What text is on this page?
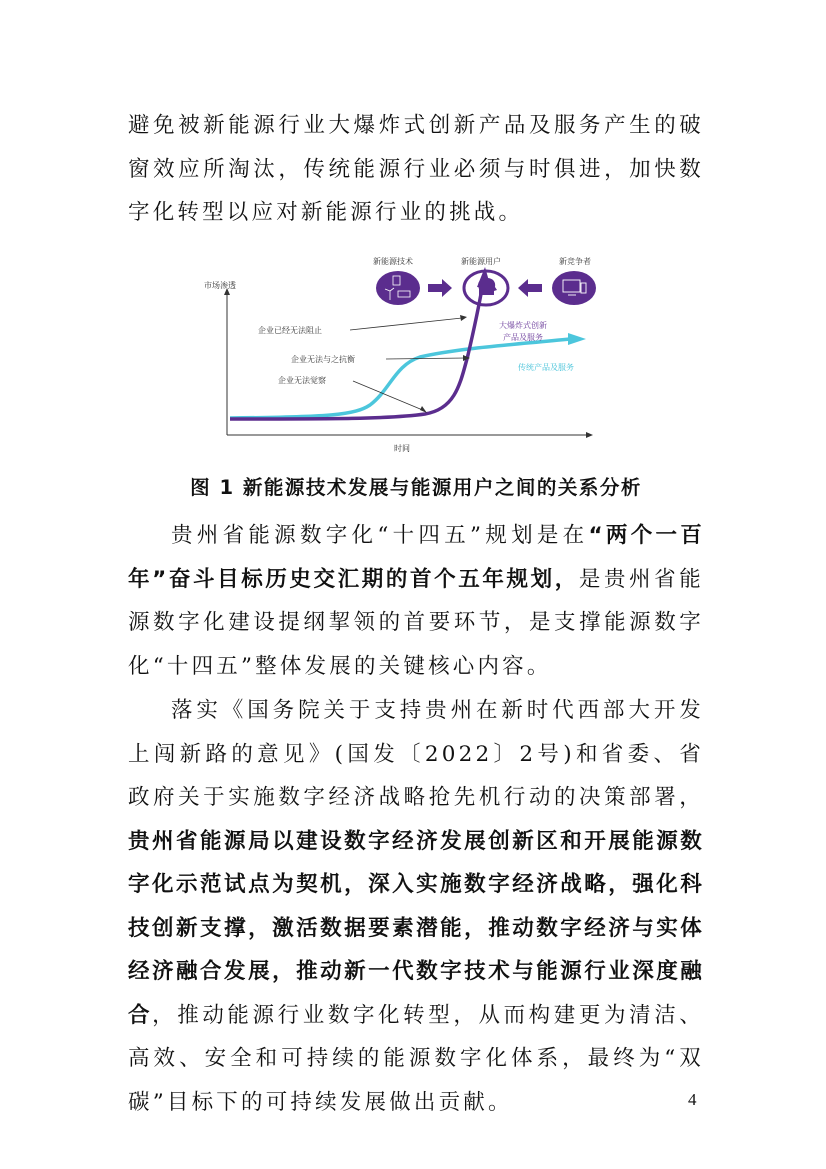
避免被新能源行业大爆炸式创新产品及服务产生的破窗效应所淘汰，传统能源行业必须与时俱进，加快数字化转型以应对新能源行业的挑战。

新能源技术	新能源用户	新竞争者
市场渗透
企业已经无法阻止
企业无法与之抗衡
企业无法觉察
大爆炸式创新
产品及服务
传统产品及服务
时间

图 1 新能源技术发展与能源用户之间的关系分析

贵州省能源数字化“十四五”规划是在“两个一百年”奋斗目标历史交汇期的首个五年规划，是贵州省能源数字化建设提纲挈领的首要环节，是支撑能源数字化“十四五”整体发展的关键核心内容。

落实《国务院关于支持贵州在新时代西部大开发上闯新路的意见》(国发〔2022〕2号)和省委、省政府关于实施数字经济战略抢先机行动的决策部署，贵州省能源局以建设数字经济发展创新区和开展能源数字化示范试点为契机，深入实施数字经济战略，强化科技创新支撑，激活数据要素潜能，推动数字经济与实体经济融合发展，推动新一代数字技术与能源行业深度融合，推动能源行业数字化转型，从而构建更为清洁、高效、安全和可持续的能源数字化体系，最终为“双碳”目标下的可持续发展做出贡献。	4
